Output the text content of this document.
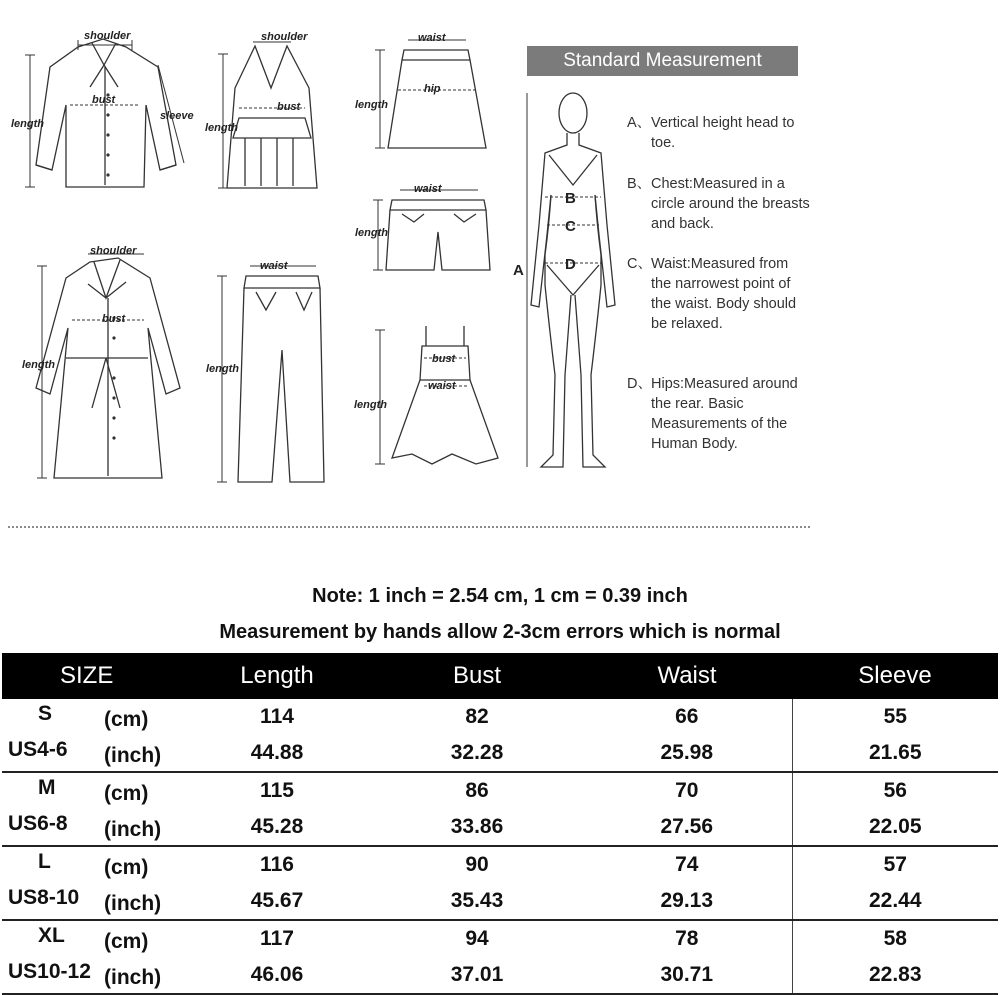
shoulder
bust
sleeve
length
shoulder
bust
length
waist
hip
length
waist
length
shoulder
bust
length
waist
length
bust
waist
length
Standard Measurement
A
B
C
D
A、Vertical height head to toe.
B、Chest:Measured in a circle around the breasts and back.
C、Waist:Measured from the narrowest point of the waist. Body should be relaxed.
D、Hips:Measured around the rear. Basic Measurements of the Human Body.
Note: 1 inch = 2.54 cm, 1 cm = 0.39 inch
Measurement by hands allow 2-3cm errors which is normal
SIZE	Length	Bust	Waist	Sleeve
S (cm)	114	82	66	55
US4-6 (inch)	44.88	32.28	25.98	21.65
M (cm)	115	86	70	56
US6-8 (inch)	45.28	33.86	27.56	22.05
L (cm)	116	90	74	57
US8-10 (inch)	45.67	35.43	29.13	22.44
XL (cm)	117	94	78	58
US10-12 (inch)	46.06	37.01	30.71	22.83
